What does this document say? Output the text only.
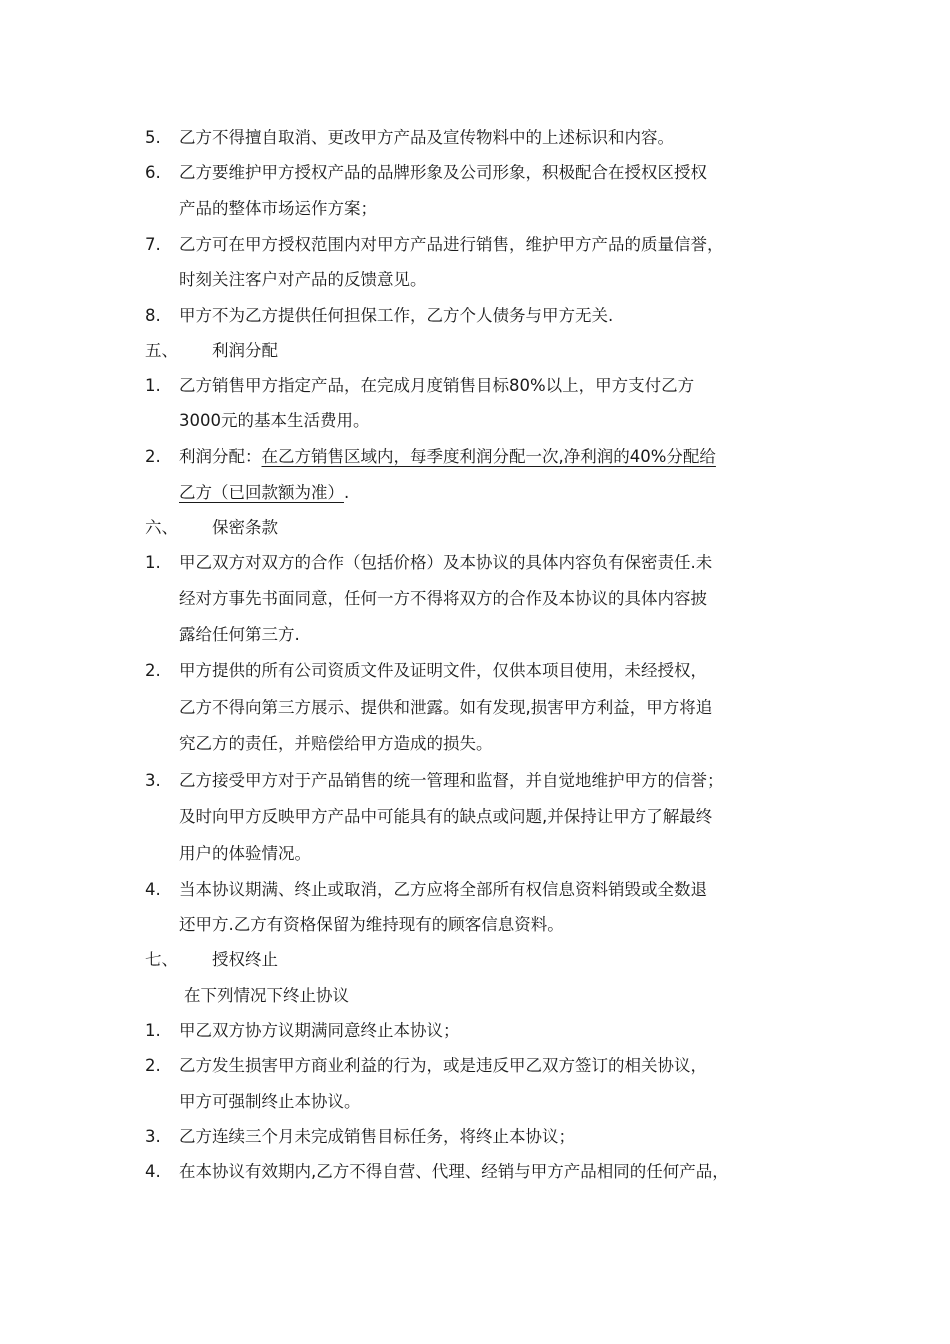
5. 乙方不得擅自取消、更改甲方产品及宣传物料中的上述标识和内容。
6. 乙方要维护甲方授权产品的品牌形象及公司形象，积极配合在授权区授权
产品的整体市场运作方案；
7. 乙方可在甲方授权范围内对甲方产品进行销售，维护甲方产品的质量信誉，
时刻关注客户对产品的反馈意见。
8. 甲方不为乙方提供任何担保工作，乙方个人债务与甲方无关.
五、 利润分配
1. 乙方销售甲方指定产品，在完成月度销售目标80%以上，甲方支付乙方
3000元的基本生活费用。
2. 利润分配：在乙方销售区域内，每季度利润分配一次,净利润的40%分配给
乙方（已回款额为准）.
六、 保密条款
1. 甲乙双方对双方的合作（包括价格）及本协议的具体内容负有保密责任.未
经对方事先书面同意，任何一方不得将双方的合作及本协议的具体内容披
露给任何第三方.
2. 甲方提供的所有公司资质文件及证明文件，仅供本项目使用，未经授权，
乙方不得向第三方展示、提供和泄露。如有发现,损害甲方利益，甲方将追
究乙方的责任，并赔偿给甲方造成的损失。
3. 乙方接受甲方对于产品销售的统一管理和监督，并自觉地维护甲方的信誉；
及时向甲方反映甲方产品中可能具有的缺点或问题,并保持让甲方了解最终
用户的体验情况。
4. 当本协议期满、终止或取消，乙方应将全部所有权信息资料销毁或全数退
还甲方.乙方有资格保留为维持现有的顾客信息资料。
七、 授权终止
在下列情况下终止协议
1. 甲乙双方协方议期满同意终止本协议；
2. 乙方发生损害甲方商业利益的行为，或是违反甲乙双方签订的相关协议，
甲方可强制终止本协议。
3. 乙方连续三个月未完成销售目标任务，将终止本协议；
4. 在本协议有效期内,乙方不得自营、代理、经销与甲方产品相同的任何产品，
